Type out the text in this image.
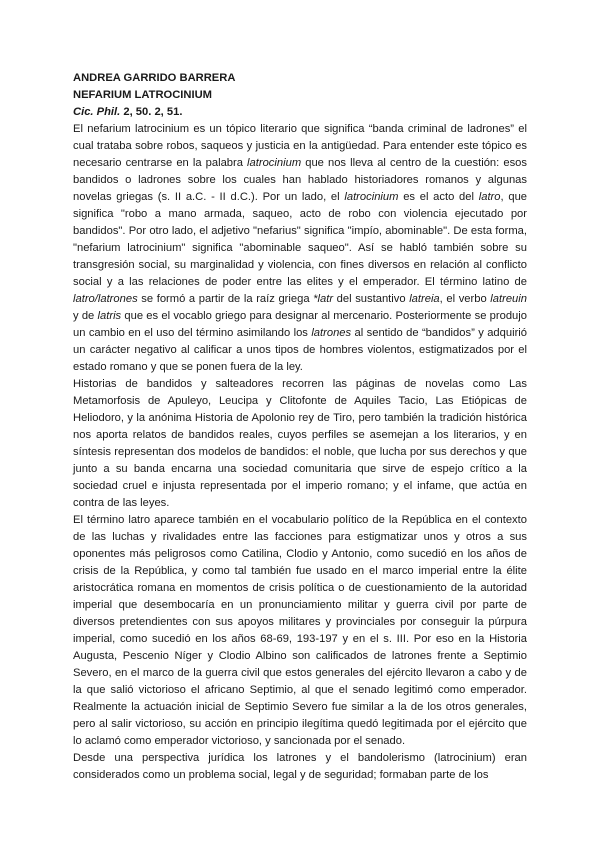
ANDREA GARRIDO BARRERA

NEFARIUM LATROCINIUM

Cic. Phil. 2, 50. 2, 51.

El nefarium latrocinium es un tópico literario que significa “banda criminal de ladrones” el cual trataba sobre robos, saqueos y justicia en la antigüedad. Para entender este tópico es necesario centrarse en la palabra latrocinium que nos lleva al centro de la cuestión: esos bandidos o ladrones sobre los cuales han hablado historiadores romanos y algunas novelas griegas (s. II a.C. - II d.C.). Por un lado, el latrocinium es el acto del latro, que significa "robo a mano armada, saqueo, acto de robo con violencia ejecutado por bandidos". Por otro lado, el adjetivo "nefarius" significa "impío, abominable". De esta forma, "nefarium latrocinium" significa "abominable saqueo". Así se habló también sobre su transgresión social, su marginalidad y violencia, con fines diversos en relación al conflicto social y a las relaciones de poder entre las elites y el emperador. El término latino de latro/latrones se formó a partir de la raíz griega *latr del sustantivo latreia, el verbo latreuin y de latris que es el vocablo griego para designar al mercenario. Posteriormente se produjo un cambio en el uso del término asimilando los latrones al sentido de “bandidos” y adquirió un carácter negativo al calificar a unos tipos de hombres violentos, estigmatizados por el estado romano y que se ponen fuera de la ley.

Historias de bandidos y salteadores recorren las páginas de novelas como Las Metamorfosis de Apuleyo, Leucipa y Clitofonte de Aquiles Tacio, Las Etiópicas de Heliodoro, y la anónima Historia de Apolonio rey de Tiro, pero también la tradición histórica nos aporta relatos de bandidos reales, cuyos perfiles se asemejan a los literarios, y en síntesis representan dos modelos de bandidos: el noble, que lucha por sus derechos y que junto a su banda encarna una sociedad comunitaria que sirve de espejo crítico a la sociedad cruel e injusta representada por el imperio romano; y el infame, que actúa en contra de las leyes.

El término latro aparece también en el vocabulario político de la República en el contexto de las luchas y rivalidades entre las facciones para estigmatizar unos y otros a sus oponentes más peligrosos como Catilina, Clodio y Antonio, como sucedió en los años de crisis de la República, y como tal también fue usado en el marco imperial entre la élite aristocrática romana en momentos de crisis política o de cuestionamiento de la autoridad imperial que desembocaría en un pronunciamiento militar y guerra civil por parte de diversos pretendientes con sus apoyos militares y provinciales por conseguir la púrpura imperial, como sucedió en los años 68-69, 193-197 y en el s. III. Por eso en la Historia Augusta, Pescenio Níger y Clodio Albino son calificados de latrones frente a Septimio Severo, en el marco de la guerra civil que estos generales del ejército llevaron a cabo y de la que salió victorioso el africano Septimio, al que el senado legitimó como emperador. Realmente la actuación inicial de Septimio Severo fue similar a la de los otros generales, pero al salir victorioso, su acción en principio ilegítima quedó legitimada por el ejército que lo aclamó como emperador victorioso, y sancionada por el senado.

Desde una perspectiva jurídica los latrones y el bandolerismo (latrocinium) eran considerados como un problema social, legal y de seguridad; formaban parte de los
